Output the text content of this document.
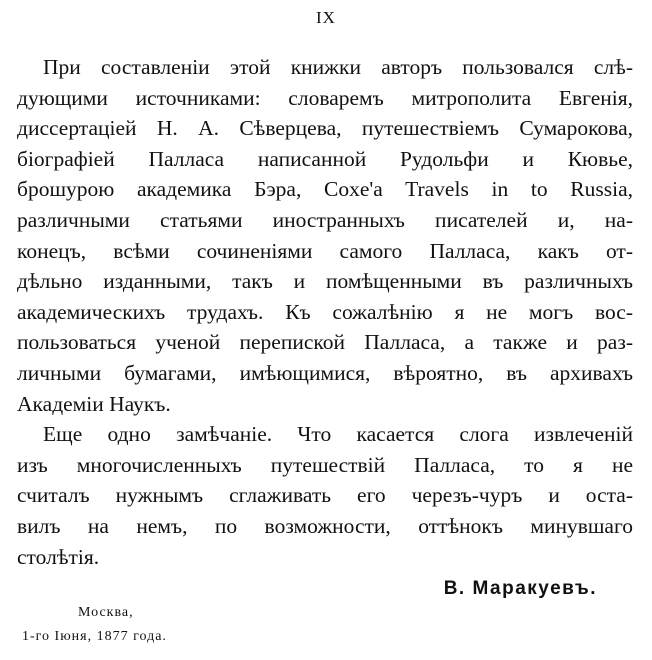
IX
При составленіи этой книжки авторъ пользовался слѣ-
дующими источниками: словаремъ митрополита Евгенія,
диссертаціей Н. А. Сѣверцева, путешествіемъ Сумарoкова,
біографіей Палласа написанной Рудольфи и Кювье,
брошурою академика Бэра, Coxe'a Travels in to Russia,
различными статьями иностранныхъ писателей и, на-
конецъ, всѣми сочиненіями самого Палласа, какъ от-
дѣльно изданными, такъ и помѣщенными въ различныхъ
академическихъ трудахъ. Къ сожалѣнію я не могъ вос-
пользоваться ученой перепиской Палласа, а также и раз-
личными бумагами, имѣющимися, вѣроятно, въ архивахъ
Академіи Наукъ.
Еще одно замѣчаніе. Что касается слога извлеченій
изъ многочисленныхъ путешествій Палласа, то я не
считалъ нужнымъ сглаживать его черезъ-чуръ и оста-
вилъ на немъ, по возможности, оттѣнокъ минувшаго
столѣтія.
В. Маракуевъ.
Москва,
1-го Іюня, 1877 года.
